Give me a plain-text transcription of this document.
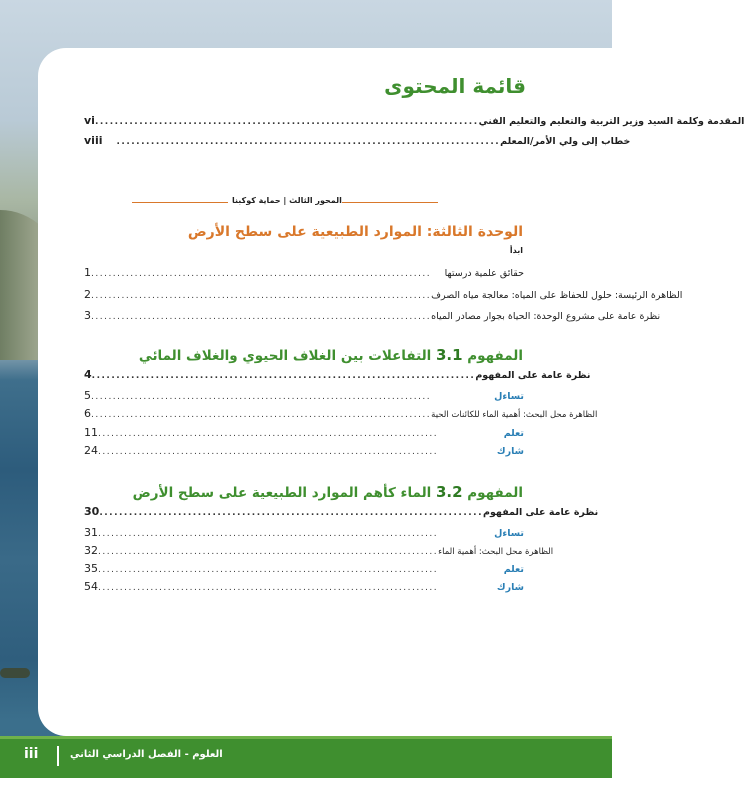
قائمة المحتوى
vi .............................................................................. المقدمة وكلمة السيد وزير التربية والتعليم والتعليم الفني
viii	.............................................................................. خطاب إلى ولي الأمر/المعلم
المحور الثالث | حماية كوكبنا
الوحدة الثالثة: الموارد الطبيعية على سطح الأرض
ابدأ
1 ..............................................................................	حقائق علمية درستها
2 .............................................................................. الظاهرة الرئيسة: حلول للحفاظ على المياه: معالجة مياه الصرف
3 .............................................................................. نظرة عامة على مشروع الوحدة: الحياة بجوار مصادر المياه
المفهوم 3.1 التفاعلات بين الغلاف الحيوي والغلاف المائي
4 .............................................................................. نظرة عامة على المفهوم
5 ..............................................................................	تساءل
6 .............................................................................. الظاهرة محل البحث: أهمية الماء للكائنات الحية
11 ..............................................................................	تعلم
24 ..............................................................................	شارك
المفهوم 3.2 الماء كأهم الموارد الطبيعية على سطح الأرض
30 .............................................................................. نظرة عامة على المفهوم
31 ..............................................................................	تساءل
32 .............................................................................. الظاهرة محل البحث: أهمية الماء
35 ..............................................................................	تعلم
54 ..............................................................................	شارك
iii	العلوم - الفصل الدراسي الثاني
